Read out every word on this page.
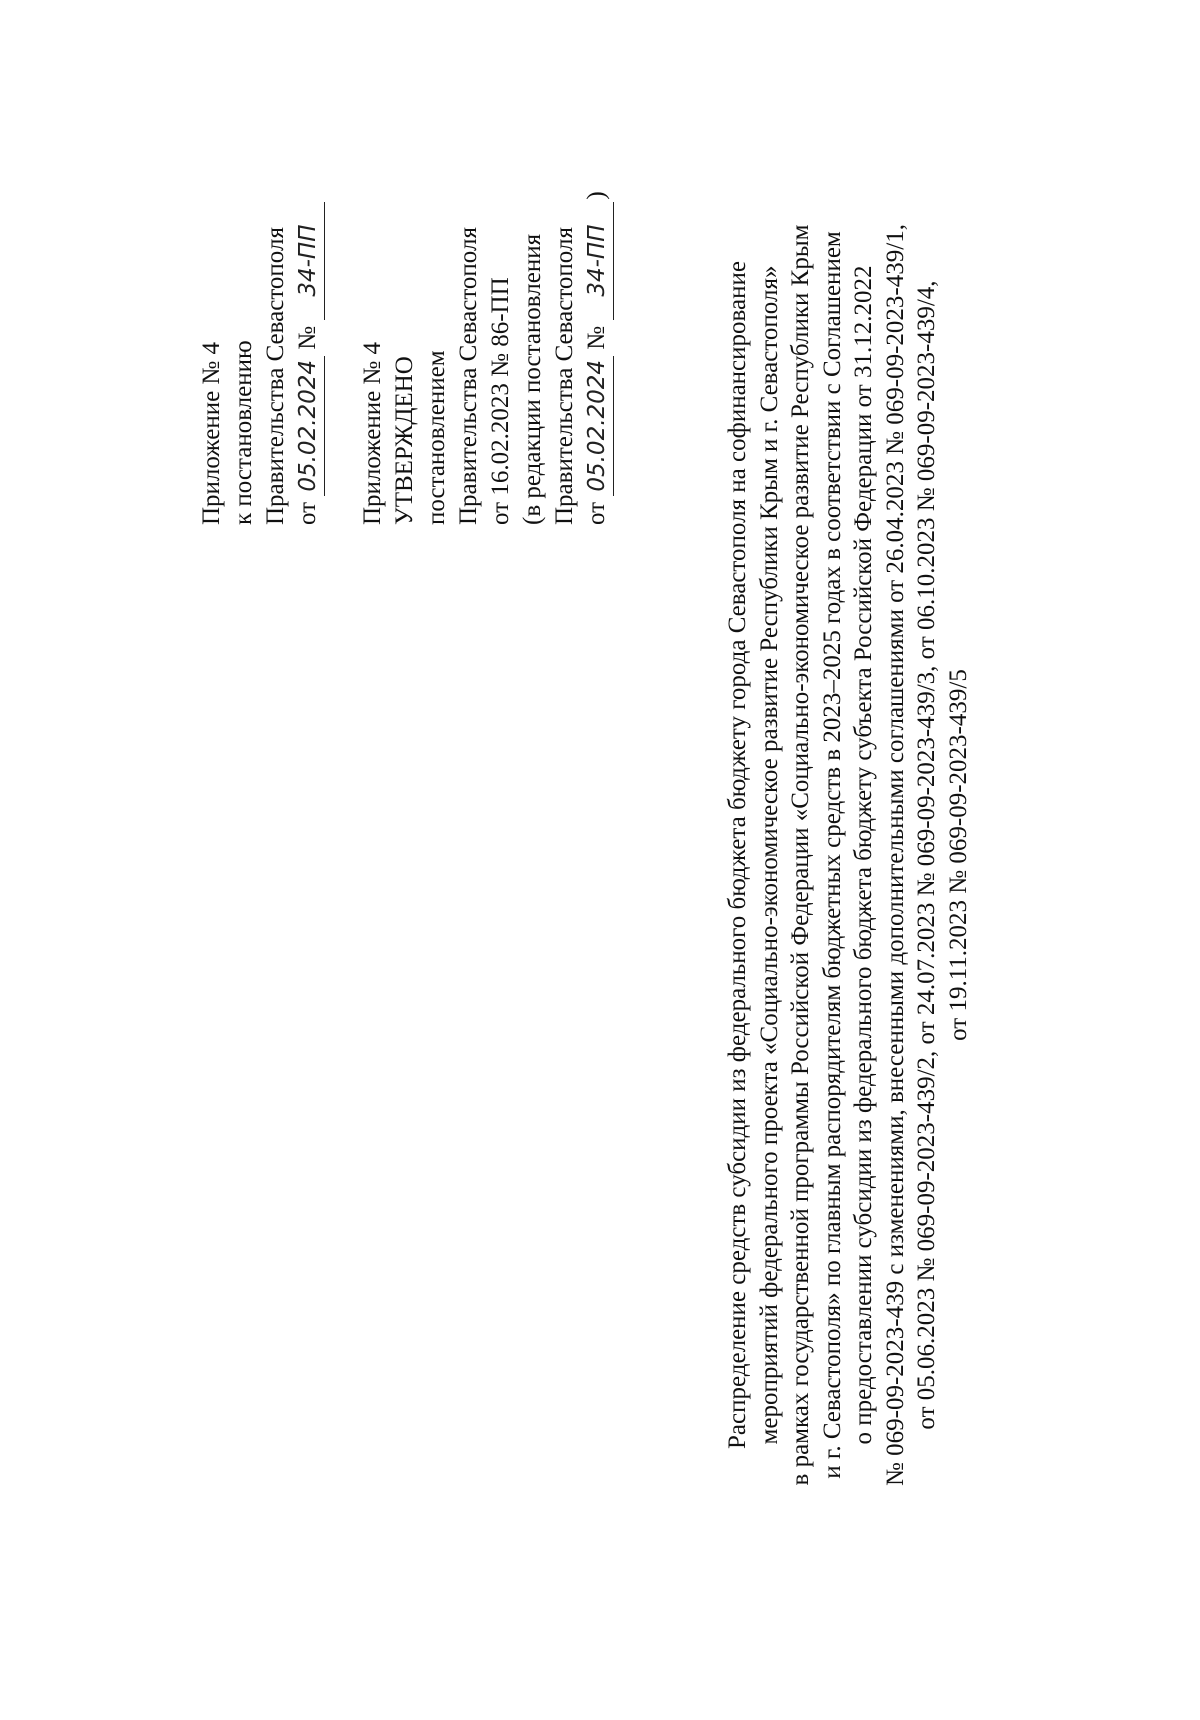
Приложение № 4 к постановлению Правительства Севастополя от 05.02.2024 № 34-ПП
Приложение № 4 УТВЕРЖДЕНО постановлением Правительства Севастополя от 16.02.2023 № 86-ПП (в редакции постановления Правительства Севастополя от 05.02.2024 № 34-ПП)
Распределение средств субсидии из федерального бюджета бюджету города Севастополя на софинансирование мероприятий федерального проекта «Социально-экономическое развитие Республики Крым и г. Севастополя» в рамках государственной программы Российской Федерации «Социально-экономическое развитие Республики Крым и г. Севастополя» по главным распорядителям бюджетных средств в 2023–2025 годах в соответствии с Соглашением о предоставлении субсидии из федерального бюджета бюджету субъекта Российской Федерации от 31.12.2022 № 069-09-2023-439 с изменениями, внесенными дополнительными соглашениями от 26.04.2023 № 069-09-2023-439/1, от 05.06.2023 № 069-09-2023-439/2, от 24.07.2023 № 069-09-2023-439/3, от 06.10.2023 № 069-09-2023-439/4, от 19.11.2023 № 069-09-2023-439/5
